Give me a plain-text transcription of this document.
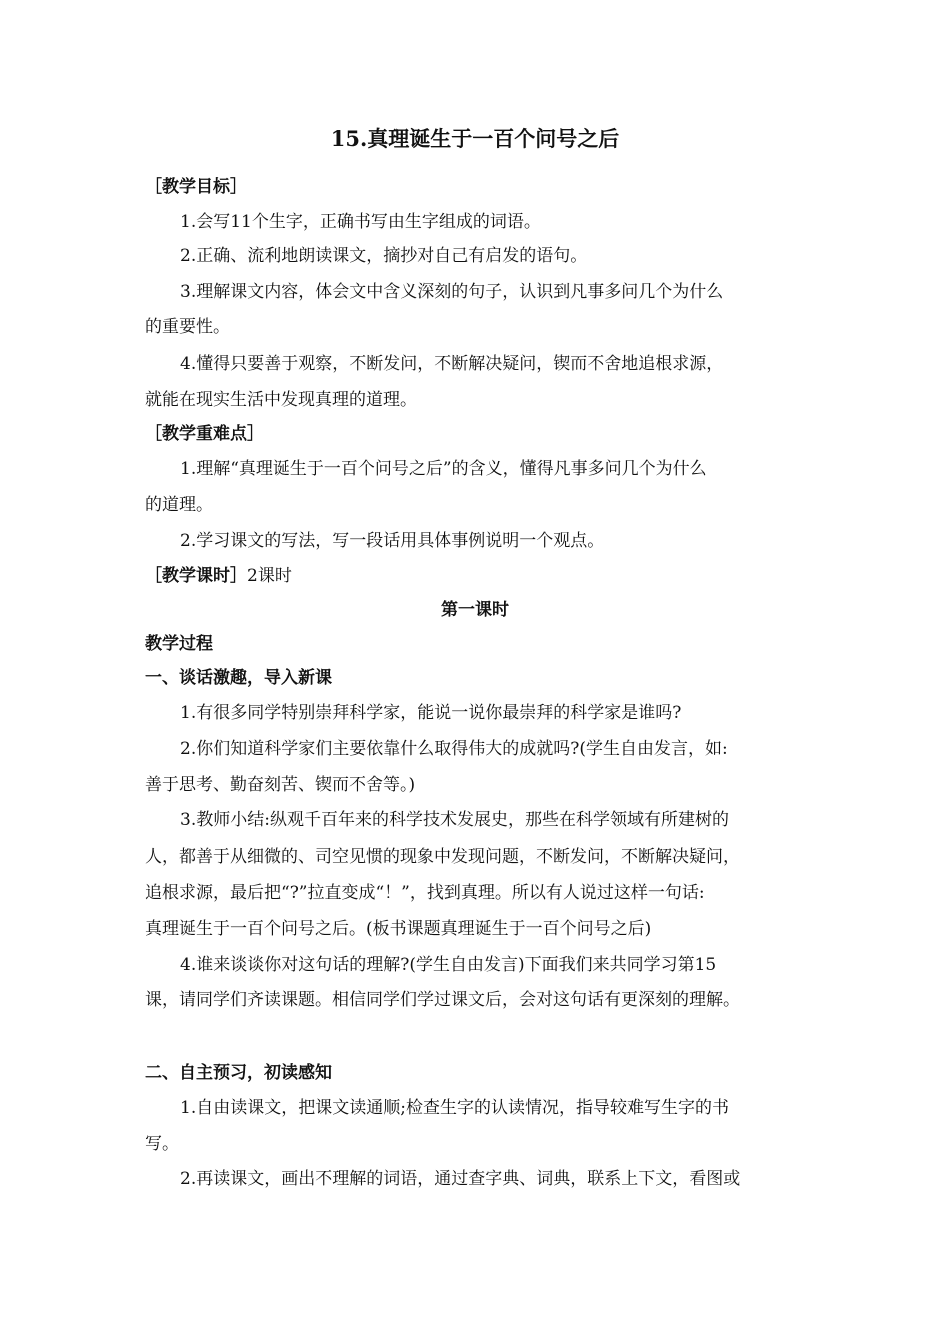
15.真理诞生于一百个问号之后
［教学目标］
1.会写11个生字，正确书写由生字组成的词语。
2.正确、流利地朗读课文，摘抄对自己有启发的语句。
3.理解课文内容，体会文中含义深刻的句子，认识到凡事多问几个为什么
的重要性。
4.懂得只要善于观察，不断发问，不断解决疑问，锲而不舍地追根求源，
就能在现实生活中发现真理的道理。
［教学重难点］
1.理解“真理诞生于一百个问号之后”的含义，懂得凡事多问几个为什么
的道理。
2.学习课文的写法，写一段话用具体事例说明一个观点。
［教学课时］2课时
第一课时
教学过程
一、谈话激趣，导入新课
1.有很多同学特别崇拜科学家，能说一说你最崇拜的科学家是谁吗?
2.你们知道科学家们主要依靠什么取得伟大的成就吗?(学生自由发言，如:
善于思考、勤奋刻苦、锲而不舍等。)
3.教师小结:纵观千百年来的科学技术发展史，那些在科学领域有所建树的
人，都善于从细微的、司空见惯的现象中发现问题，不断发问，不断解决疑问，
追根求源，最后把“?”拉直变成“！”，找到真理。所以有人说过这样一句话:
真理诞生于一百个问号之后。(板书课题真理诞生于一百个问号之后)
4.谁来谈谈你对这句话的理解?(学生自由发言)下面我们来共同学习第15
课，请同学们齐读课题。相信同学们学过课文后，会对这句话有更深刻的理解。
二、自主预习，初读感知
1.自由读课文，把课文读通顺;检查生字的认读情况，指导较难写生字的书
写。
2.再读课文，画出不理解的词语，通过查字典、词典，联系上下文，看图或
